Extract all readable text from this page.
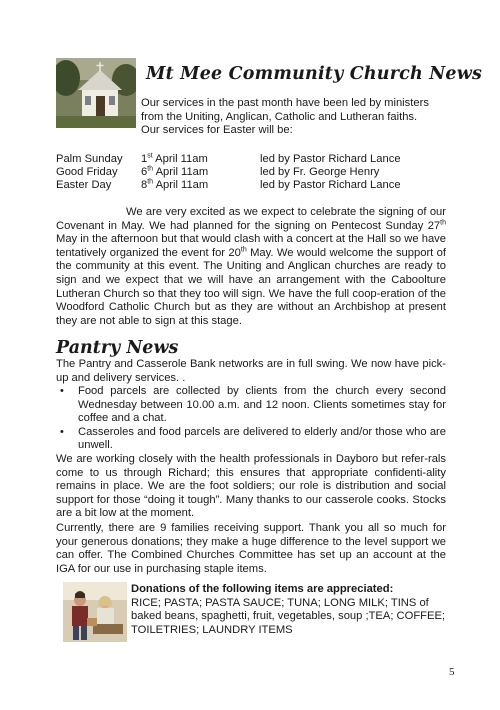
Mt Mee Community Church News
Our services in the past month have been led by ministers
from the Uniting, Anglican, Catholic and Lutheran faiths.
Our services for Easter will be:
Palm Sunday 1st April 11am	led by Pastor Richard Lance
Good Friday 6th April 11am	led by Fr. George Henry
Easter Day	8th April 11am	led by Pastor Richard Lance
We are very excited as we expect to celebrate the signing of our Covenant in May. We had planned for the signing on Pentecost Sunday 27th May in the afternoon but that would clash with a concert at the Hall so we have tentatively organized the event for 20th May. We would welcome the support of the community at this event. The Uniting and Anglican churches are ready to sign and we expect that we will have an arrangement with the Caboolture Lutheran Church so that they too will sign. We have the full coop-eration of the Woodford Catholic Church but as they are without an Archbishop at present they are not able to sign at this stage.
Pantry News
The Pantry and Casserole Bank networks are in full swing. We now have pick-up and delivery services. .
• Food parcels are collected by clients from the church every second Wednesday between 10.00 a.m. and 12 noon. Clients sometimes stay for coffee and a chat.
• Casseroles and food parcels are delivered to elderly and/or those who are unwell.
We are working closely with the health professionals in Dayboro but refer-rals come to us through Richard; this ensures that appropriate confidenti-ality remains in place. We are the foot soldiers; our role is distribution and social support for those “doing it tough”. Many thanks to our casserole cooks. Stocks are a bit low at the moment.
Currently, there are 9 families receiving support. Thank you all so much for your generous donations; they make a huge difference to the level support we can offer. The Combined Churches Committee has set up an account at the IGA for our use in purchasing staple items.
Donations of the following items are appreciated:
RICE; PASTA; PASTA SAUCE; TUNA; LONG MILK; TINS of baked beans, spaghetti, fruit, vegetables, soup ;TEA; COFFEE; TOILETRIES; LAUNDRY ITEMS
5
